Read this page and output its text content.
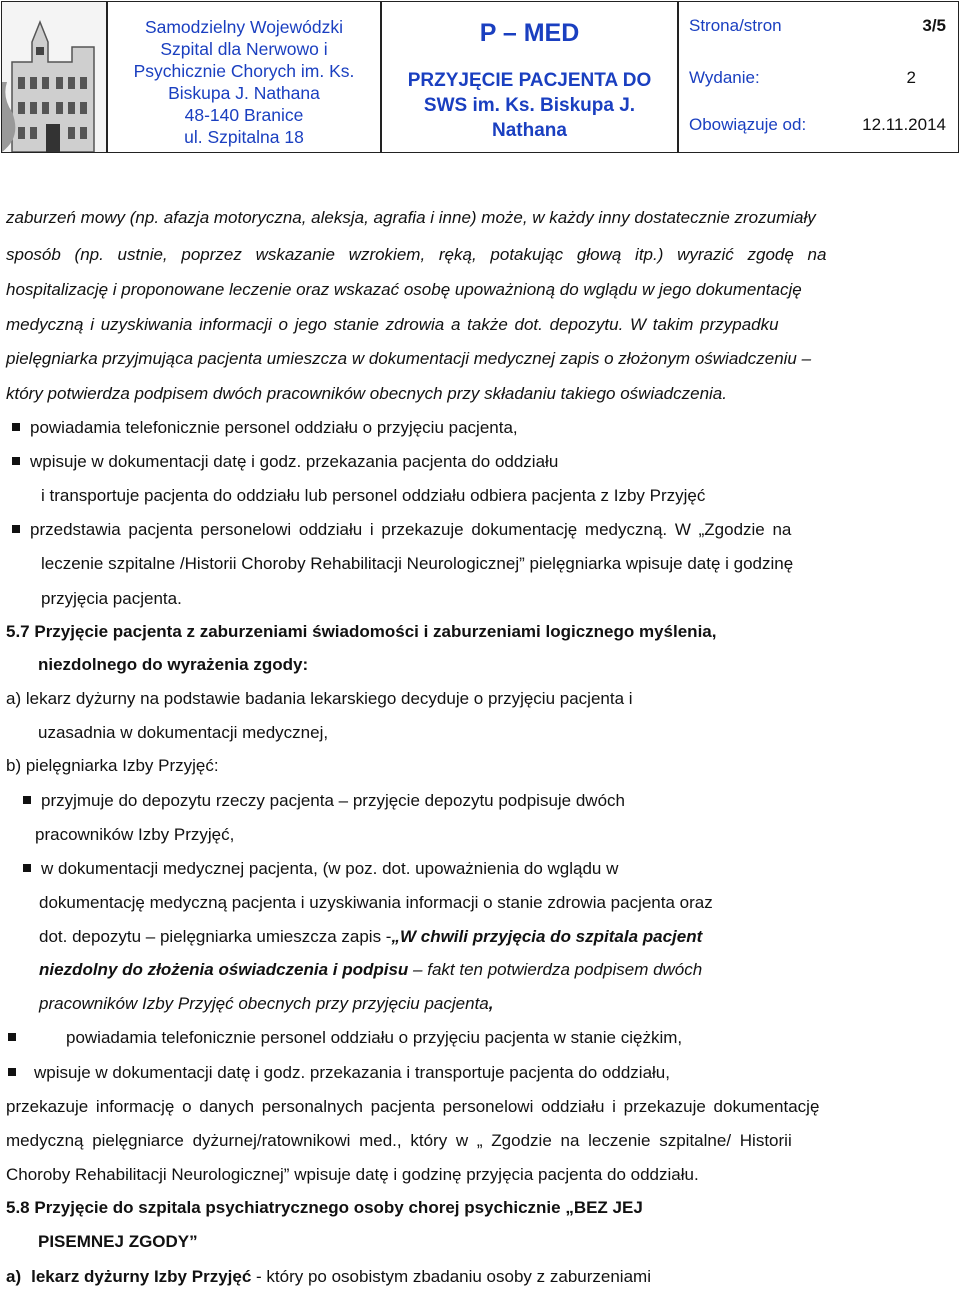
Samodzielny Wojewódzki
Szpital dla Nerwowo i
Psychicznie Chorych im. Ks.
Biskupa J. Nathana
48-140 Branice
ul. Szpitalna 18
P – MED
PRZYJĘCIE PACJENTA DO SWS im. Ks. Biskupa J. Nathana
Strona/stron	3/5
Wydanie:	2
Obowiązuje od:	12.11.2014
zaburzeń mowy (np. afazja motoryczna, aleksja, agrafia i inne) może, w każdy inny dostatecznie zrozumiały
sposób (np. ustnie, poprzez wskazanie wzrokiem, ręką, potakując głową itp.) wyrazić zgodę na
hospitalizację i proponowane leczenie oraz wskazać osobę upoważnioną do wglądu w jego dokumentację
medyczną i uzyskiwania informacji o jego stanie zdrowia a także dot. depozytu. W takim przypadku
pielęgniarka przyjmująca pacjenta umieszcza w dokumentacji medycznej zapis o złożonym oświadczeniu –
który potwierdza podpisem dwóch pracowników obecnych przy składaniu takiego oświadczenia.
powiadamia telefonicznie personel oddziału o przyjęciu pacjenta,
wpisuje w dokumentacji datę i godz. przekazania pacjenta do oddziału
i transportuje pacjenta do oddziału lub personel oddziału odbiera pacjenta z Izby Przyjęć
przedstawia pacjenta personelowi oddziału i przekazuje dokumentację medyczną. W „Zgodzie na
leczenie szpitalne /Historii Choroby Rehabilitacji Neurologicznej” pielęgniarka wpisuje datę i godzinę
przyjęcia pacjenta.
5.7 Przyjęcie pacjenta z zaburzeniami świadomości i zaburzeniami logicznego myślenia,
niezdolnego do wyrażenia zgody:
a) lekarz dyżurny na podstawie badania lekarskiego decyduje o przyjęciu pacjenta i
uzasadnia w dokumentacji medycznej,
b) pielęgniarka Izby Przyjęć:
przyjmuje do depozytu rzeczy pacjenta – przyjęcie depozytu podpisuje dwóch
pracowników Izby Przyjęć,
w dokumentacji medycznej pacjenta, (w poz. dot. upoważnienia do wglądu w
dokumentację medyczną pacjenta i uzyskiwania informacji o stanie zdrowia pacjenta oraz
dot. depozytu – pielęgniarka umieszcza zapis -„W chwili przyjęcia do szpitala pacjent
niezdolny do złożenia oświadczenia i podpisu – fakt ten potwierdza podpisem dwóch
pracowników Izby Przyjęć obecnych przy przyjęciu pacjenta,
powiadamia telefonicznie personel oddziału o przyjęciu pacjenta w stanie ciężkim,
wpisuje w dokumentacji datę i godz. przekazania i transportuje pacjenta do oddziału,
przekazuje informację o danych personalnych pacjenta personelowi oddziału i przekazuje dokumentację
medyczną pielęgniarce dyżurnej/ratownikowi med., który w „ Zgodzie na leczenie szpitalne/ Historii
Choroby Rehabilitacji Neurologicznej” wpisuje datę i godzinę przyjęcia pacjenta do oddziału.
5.8 Przyjęcie do szpitala psychiatrycznego osoby chorej psychicznie „BEZ JEJ
PISEMNEJ ZGODY”
a) lekarz dyżurny Izby Przyjęć - który po osobistym zbadaniu osoby z zaburzeniami
